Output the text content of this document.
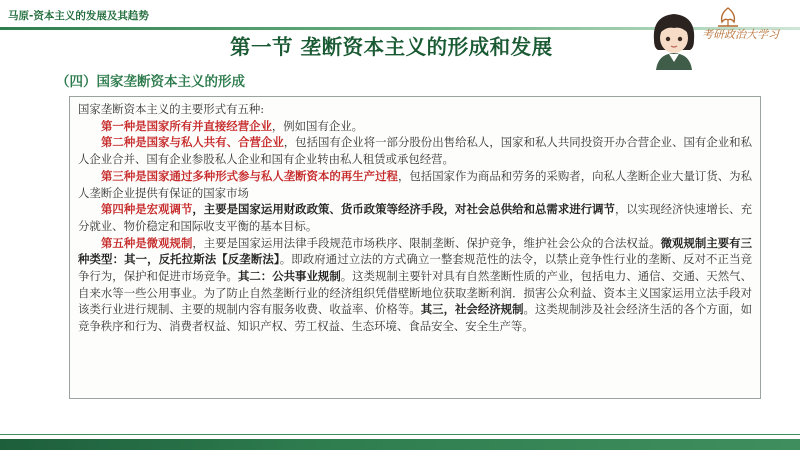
马原-资本主义的发展及其趋势
第一节 垄断资本主义的形成和发展
考研政治大学习
（四）国家垄断资本主义的形成

国家垄断资本主义的主要形式有五种:

第一种是国家所有并直接经营企业，例如国有企业。

第二种是国家与私人共有、合营企业，包括国有企业将一部分股份出售给私人，国家和私人共同投资开办合营企业、国有企业和私人企业合并、国有企业参股私人企业和国有企业转由私人租赁或承包经营。

第三种是国家通过多种形式参与私人垄断资本的再生产过程，包括国家作为商品和劳务的采购者，向私人垄断企业大量订货、为私人垄断企业提供有保证的国家市场

第四种是宏观调节，主要是国家运用财政政策、货币政策等经济手段，对社会总供给和总需求进行调节，以实现经济快速增长、充分就业、物价稳定和国际收支平衡的基本目标。

第五种是微观规制，主要是国家运用法律手段规范市场秩序、限制垄断、保护竞争，维护社会公众的合法权益。微观规制主要有三种类型：其一，反托拉斯法【反垄断法】。即政府通过立法的方式确立一整套规范性的法令，以禁止竞争性行业的垄断、反对不正当竞争行为，保护和促进市场竞争。其二：公共事业规制。这类规制主要针对具有自然垄断性质的产业，包括电力、通信、交通、天然气、自来水等一些公用事业。为了防止自然垄断行业的经济组织凭借壁断地位获取垄断利润．损害公众利益、资本主义国家运用立法手段对该类行业进行规制、主要的规制内容有服务收费、收益率、价格等。其三，社会经济规制。这类规制涉及社会经济生活的各个方面，如竞争秩序和行为、消费者权益、知识产权、劳工权益、生态环境、食品安全、安全生产等。
